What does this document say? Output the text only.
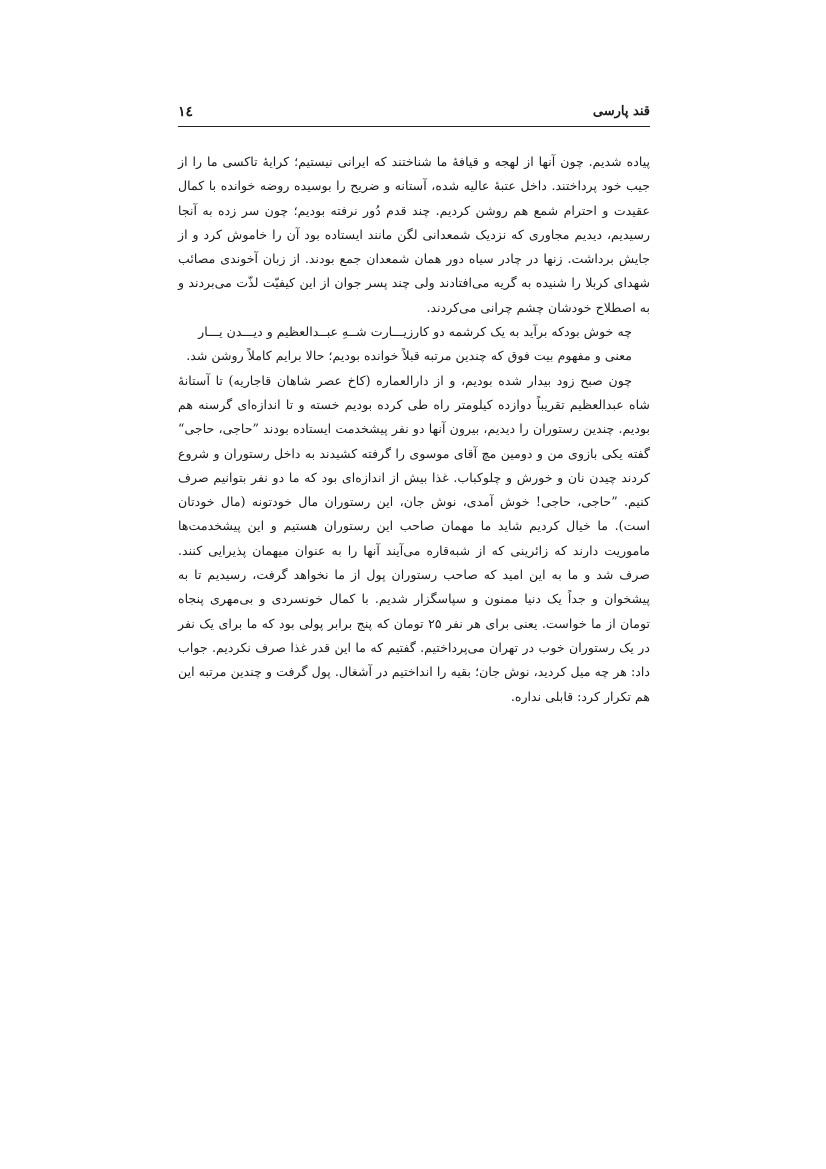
قند پارسی
۱٤

پیاده شدیم. چون آنها از لهجه و قیافهٔ ما شناختند که ایرانی نیستیم؛ کرایهٔ تاکسی ما را از جیب خود پرداختند. داخل عتبهٔ عالیه شده، آستانه و ضریح را بوسیده روضه خوانده با کمال عقیدت و احترام شمع هم روشن کردیم. چند قدم دُور نرفته بودیم؛ چون سر زده به آنجا رسیدیم، دیدیم مجاوری که نزدیک شمعدانی لگن مانند ایستاده بود آن را خاموش کرد و از جایش برداشت. زنها در چادر سیاه دور همان شمعدان جمع بودند. از زبان آخوندی مصائب شهدای کربلا را شنیده به گریه می‌افتادند ولی چند پسر جوان از این کیفیّت لذّت می‌بردند و به اصطلاح خودشان چشم چرانی می‌کردند.

چه خوش بودکه برآید به یک کرشمه دو کار
زیـــارت شــهِ عبــدالعظیم و دیـــدن یـــار

معنی و مفهوم بیت فوق که چندین مرتبه قبلاً خوانده بودیم؛ حالا برایم کاملاً روشن شد.

چون صبح زود بیدار شده بودیم، و از دارالعماره (کاخ عصر شاهان قاجاریه) تا آستانهٔ شاه عبدالعظیم تقریباً دوازده کیلومتر راه طی کرده بودیم خسته و تا اندازه‌ای گرسنه هم بودیم. چندین رستوران را دیدیم، بیرون آنها دو نفر پیشخدمت ایستاده بودند ”حاجی، حاجی“ گفته یکی بازوی من و دومین مچ آقای موسوی را گرفته کشیدند به داخل رستوران و شروع کردند چیدن نان و خورش و چلوکباب. غذا بیش از اندازه‌ای بود که ما دو نفر بتوانیم صرف کنیم. ”حاجی، حاجی! خوش آمدی، نوش جان، این رستوران مال خودتونه (مال خودتان است). ما خیال کردیم شاید ما مهمان صاحب این رستوران هستیم و این پیشخدمت‌ها ماموریت دارند که زائرینی که از شبه‌قاره می‌آیند آنها را به عنوان میهمان پذیرایی کنند. صرف شد و ما به این امید که صاحب رستوران پول از ما نخواهد گرفت، رسیدیم تا به پیشخوان و جداً یک دنیا ممنون و سپاسگزار شدیم. با کمال خونسردی و بی‌مهری پنجاه تومان از ما خواست. یعنی برای هر نفر ۲۵ تومان که پنج برابر پولی بود که ما برای یک نفر در یک رستوران خوب در تهران می‌پرداختیم. گفتیم که ما این قدر غذا صرف نکردیم. جواب داد: هر چه میل کردید، نوش جان؛ بقیه را انداختیم در آشغال. پول گرفت و چندین مرتبه این هم تکرار کرد: قابلی نداره.
